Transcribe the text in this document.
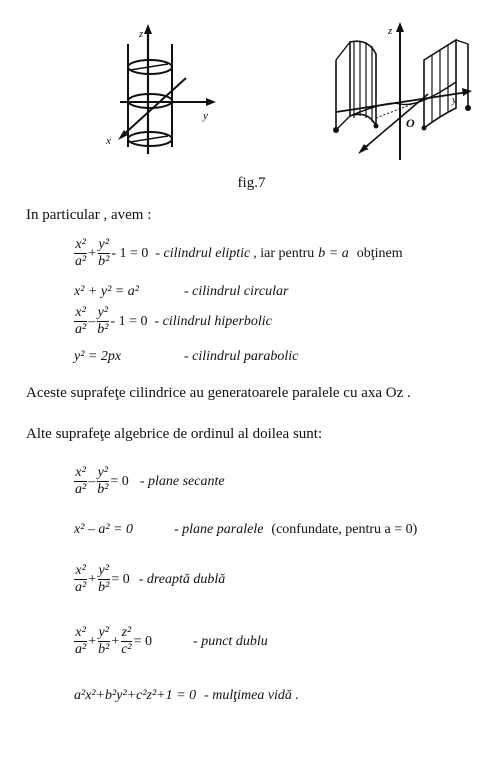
z
y
x
z
y
x
O
fig.7
In particular , avem :
$\frac{\text{x²}}{\text{a²}} + \frac{\text{y²}}{\text{b²}} - 1 = 0$ - cilindrul eliptic , iar pentru b = a obţinem
x² + y² = a²	- cilindrul circular
$\frac{\text{x²}}{\text{a²}} - \frac{\text{y²}}{\text{b²}} - 1 = 0$ - cilindrul hiperbolic
y² = 2px	- cilindrul parabolic
Aceste suprafeţe cilindrice au generatoarele paralele cu axa Oz .
Alte suprafeţe algebrice de ordinul al doilea sunt:
$\frac{\text{x²}}{\text{a²}} - \frac{\text{y²}}{\text{b²}} = 0$ - plane secante
x² – a² = 0	- plane paralele (confundate, pentru a = 0)
$\frac{\text{x²}}{\text{a²}} + \frac{\text{y²}}{\text{b²}} = 0$ - dreaptă dublă
$\frac{\text{x²}}{\text{a²}} + \frac{\text{y²}}{\text{b²}} + \frac{\text{z²}}{\text{c²}} = 0$	- punct dublu
a²x²+b²y²+c²z²+1 = 0 - mulţimea vidă .
